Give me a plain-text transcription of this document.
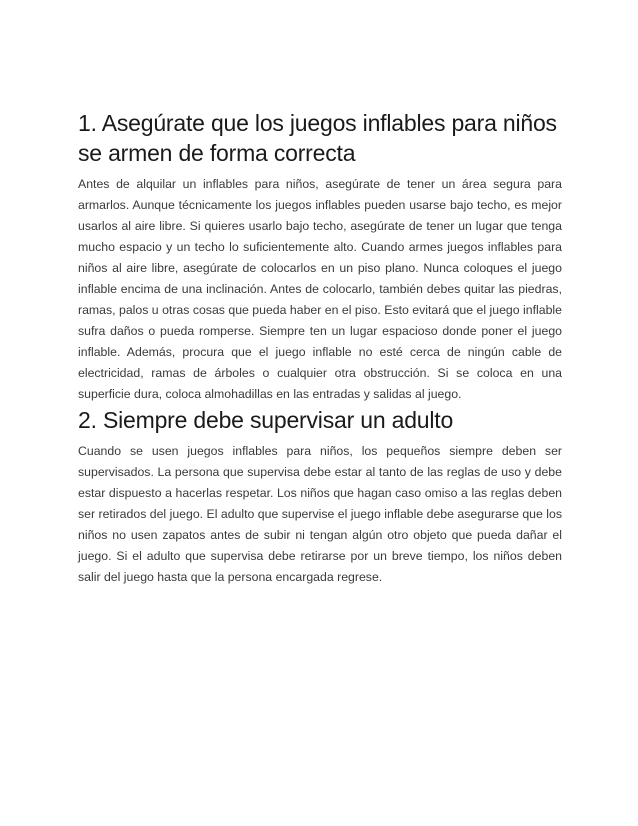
1. Asegúrate que los juegos inflables para niños se armen de forma correcta

Antes de alquilar un inflables para niños, asegúrate de tener un área segura para armarlos. Aunque técnicamente los juegos inflables pueden usarse bajo techo, es mejor usarlos al aire libre. Si quieres usarlo bajo techo, asegúrate de tener un lugar que tenga mucho espacio y un techo lo suficientemente alto. Cuando armes juegos inflables para niños al aire libre, asegúrate de colocarlos en un piso plano. Nunca coloques el juego inflable encima de una inclinación. Antes de colocarlo, también debes quitar las piedras, ramas, palos u otras cosas que pueda haber en el piso. Esto evitará que el juego inflable sufra daños o pueda romperse. Siempre ten un lugar espacioso donde poner el juego inflable. Además, procura que el juego inflable no esté cerca de ningún cable de electricidad, ramas de árboles o cualquier otra obstrucción. Si se coloca en una superficie dura, coloca almohadillas en las entradas y salidas al juego.

2. Siempre debe supervisar un adulto

Cuando se usen juegos inflables para niños, los pequeños siempre deben ser supervisados. La persona que supervisa debe estar al tanto de las reglas de uso y debe estar dispuesto a hacerlas respetar. Los niños que hagan caso omiso a las reglas deben ser retirados del juego. El adulto que supervise el juego inflable debe asegurarse que los niños no usen zapatos antes de subir ni tengan algún otro objeto que pueda dañar el juego. Si el adulto que supervisa debe retirarse por un breve tiempo, los niños deben salir del juego hasta que la persona encargada regrese.
